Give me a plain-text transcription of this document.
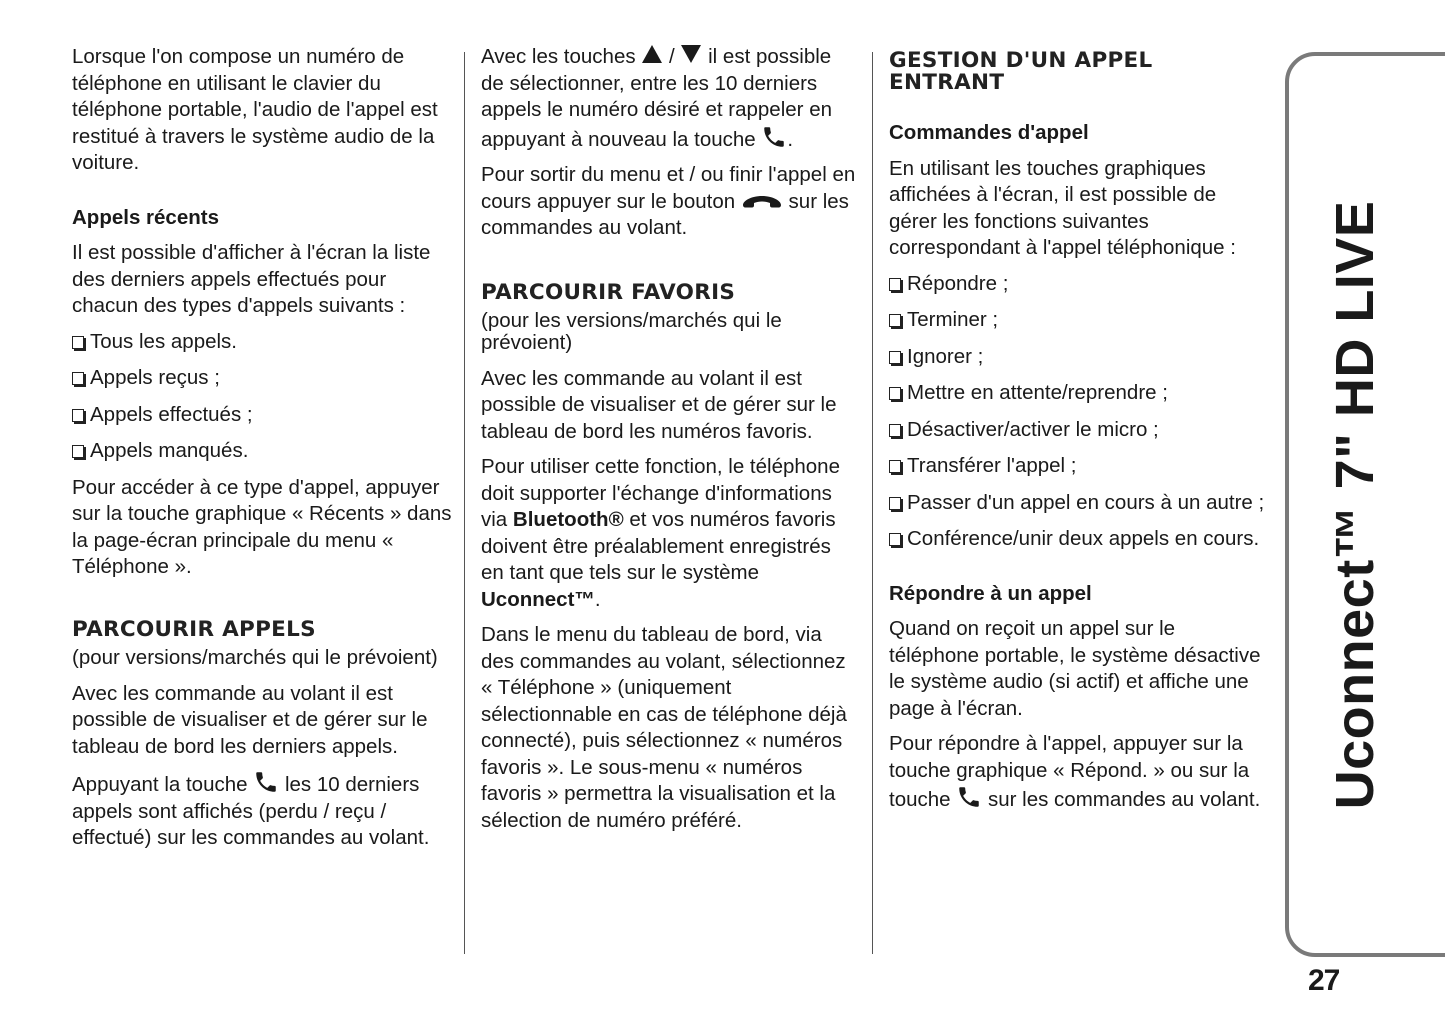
Lorsque l'on compose un numéro de téléphone en utilisant le clavier du téléphone portable, l'audio de l'appel est restitué à travers le système audio de la voiture.

Appels récents

Il est possible d'afficher à l'écran la liste des derniers appels effectués pour chacun des types d'appels suivants :

Tous les appels.

Appels reçus ;

Appels effectués ;

Appels manqués.

Pour accéder à ce type d'appel, appuyer sur la touche graphique « Récents » dans la page-écran principale du menu « Téléphone ».

PARCOURIR APPELS

(pour versions/marchés qui le prévoient)

Avec les commande au volant il est possible de visualiser et de gérer sur le tableau de bord les derniers appels.

Appuyant la touche les 10 derniers appels sont affichés (perdu / reçu / effectué) sur les commandes au volant.

Avec les touches / il est possible de sélectionner, entre les 10 derniers appels le numéro désiré et rappeler en appuyant à nouveau la touche .

Pour sortir du menu et / ou finir l'appel en cours appuyer sur le bouton	sur les commandes au volant.

PARCOURIR FAVORIS

(pour les versions/marchés qui le prévoient)

Avec les commande au volant il est possible de visualiser et de gérer sur le tableau de bord les numéros favoris.

Pour utiliser cette fonction, le téléphone doit supporter l'échange d'informations via Bluetooth® et vos numéros favoris doivent être préalablement enregistrés en tant que tels sur le système Uconnect™.

Dans le menu du tableau de bord, via des commandes au volant, sélectionnez « Téléphone » (uniquement sélectionnable en cas de téléphone déjà connecté), puis sélectionnez « numéros favoris ». Le sous-menu « numéros favoris » permettra la visualisation et la sélection de numéro préféré.

GESTION D'UN APPEL ENTRANT
Commandes d'appel

En utilisant les touches graphiques affichées à l'écran, il est possible de gérer les fonctions suivantes correspondant à l'appel téléphonique :

Répondre ;

Terminer ;

Ignorer ;

Mettre en attente/reprendre ;

Désactiver/activer le micro ;

Transférer l'appel ;

Passer d'un appel en cours à un autre ;

Conférence/unir deux appels en cours.

Répondre à un appel

Quand on reçoit un appel sur le téléphone portable, le système désactive le système audio (si actif) et affiche une page à l'écran.

Pour répondre à l'appel, appuyer sur la touche graphique « Répond. » ou sur la touche sur les commandes au volant. Uconnect™ 7" HD LIVE
27
